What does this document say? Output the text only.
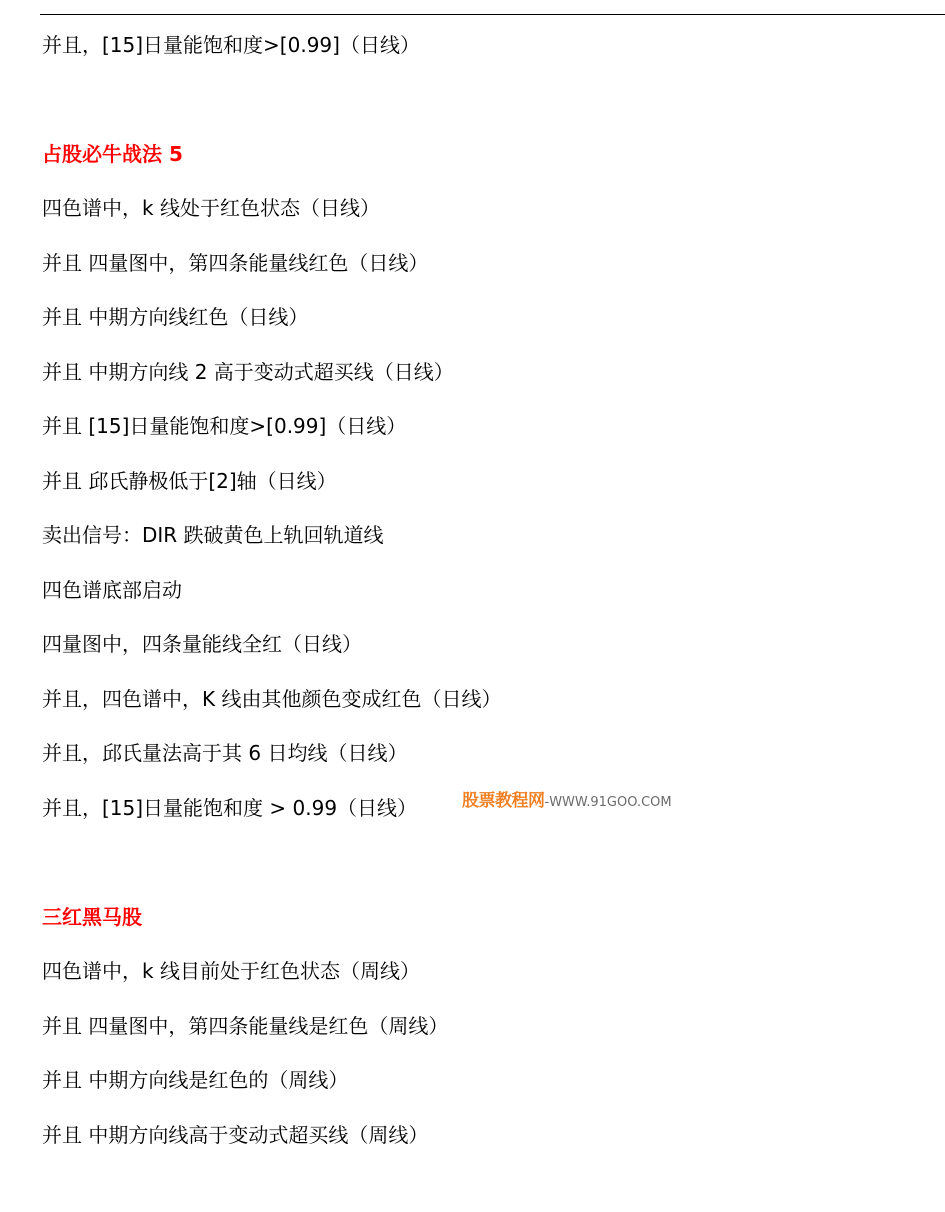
并且，[15]日量能饱和度>[0.99]（日线）
占股必牛战法 5
四色谱中，k 线处于红色状态（日线）
并且 四量图中，第四条能量线红色（日线）
并且 中期方向线红色（日线）
并且 中期方向线 2 高于变动式超买线（日线）
并且 [15]日量能饱和度>[0.99]（日线）
并且 邱氏静极低于[2]轴（日线）
卖出信号：DIR 跌破黄色上轨回轨道线
四色谱底部启动
四量图中，四条量能线全红（日线）
并且，四色谱中，K 线由其他颜色变成红色（日线）
并且，邱氏量法高于其 6 日均线（日线）
并且，[15]日量能饱和度 > 0.99（日线）	股票教程网-WWW.91GOO.COM
三红黑马股
四色谱中，k 线目前处于红色状态（周线）
并且 四量图中，第四条能量线是红色（周线）
并且 中期方向线是红色的（周线）
并且 中期方向线高于变动式超买线（周线）
